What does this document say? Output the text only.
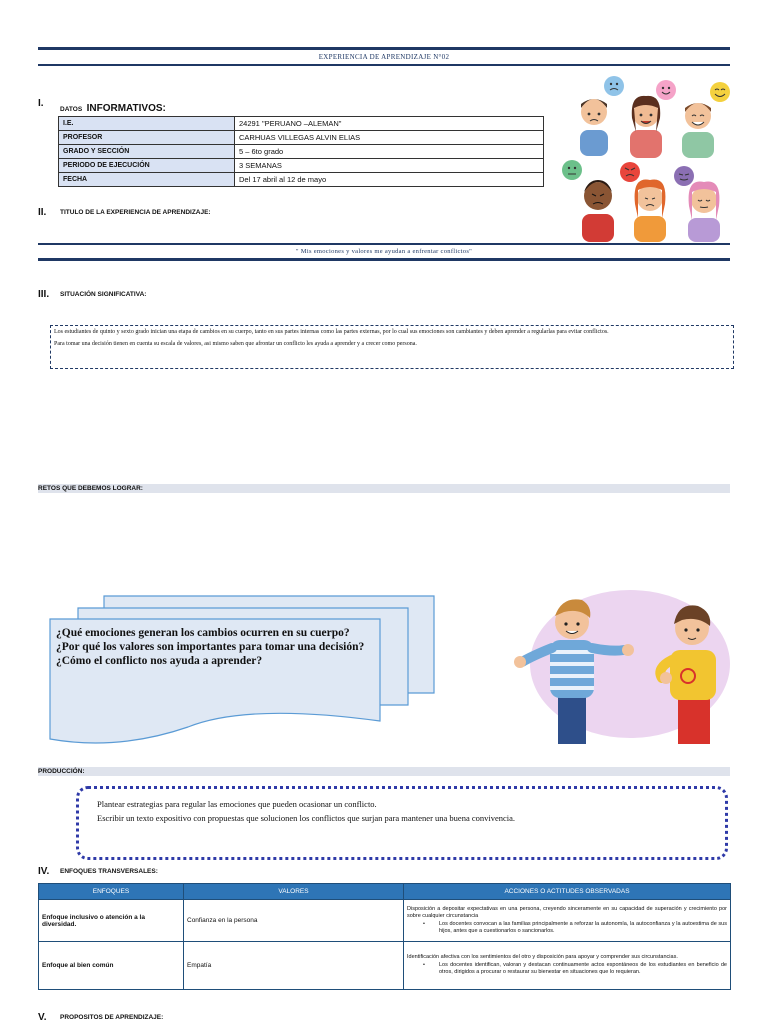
EXPERIENCIA DE APRENDIZAJE N°02
I.
DATOS INFORMATIVOS:
I.E.	24291 "PERUANO –ALEMAN"
PROFESOR	CARHUAS VILLEGAS ALVIN ELIAS
GRADO Y SECCIÓN	5 – 6to grado
PERIODO DE EJECUCIÓN	3 SEMANAS
FECHA	Del 17 abril al 12 de mayo
II. TITULO DE LA EXPERIENCIA DE APRENDIZAJE:
" Mis emociones y valores me ayudan a enfrentar conflictos"
III. SITUACIÓN SIGNIFICATIVA:
Los estudiantes de quinto y sexto grado inician una etapa de cambios en su cuerpo, tanto en sus partes internas como las partes externas, por lo cual sus emociones son cambiantes y deben aprender a regularlas para evitar conflictos.
Para tomar una decisión tienen en cuenta su escala de valores, asi mismo saben que afrontar un conflicto les ayuda a aprender y a crecer como persona.
RETOS QUE DEBEMOS LOGRAR:
¿Qué emociones generan los cambios ocurren en su cuerpo?
¿Por qué los valores son importantes para tomar una decisión?
¿Cómo el conflicto nos ayuda a aprender?
PRODUCCIÓN:
Plantear estrategias para regular las emociones que pueden ocasionar un conflicto.
Escribir un texto expositivo con propuestas que solucionen los conflictos que surjan para mantener una buena convivencia.
IV. ENFOQUES TRANSVERSALES:
ENFOQUES	VALORES	ACCIONES O ACTITUDES OBSERVADAS
Enfoque inclusivo o atención a la diversidad.	Confianza en la persona	Disposición a depositar expectativas en una persona, creyendo sinceramente en su capacidad de superación y crecimiento por sobre cualquier circunstancia
• Los docentes convocan a las familias principalmente a reforzar la autonomía, la autoconfianza y la autoestima de sus hijos, antes que a cuestionarlos o sancionarlos.

Enfoque al bien común	Empatía	Identificación afectiva con los sentimientos del otro y disposición para apoyar y comprender sus circunstancias.
• Los docentes identifican, valoran y destacan continuamente actos espontáneos de los estudiantes en beneficio de otros, dirigidos a procurar o restaurar su bienestar en situaciones que lo requieran.
V. PROPOSITOS DE APRENDIZAJE:
